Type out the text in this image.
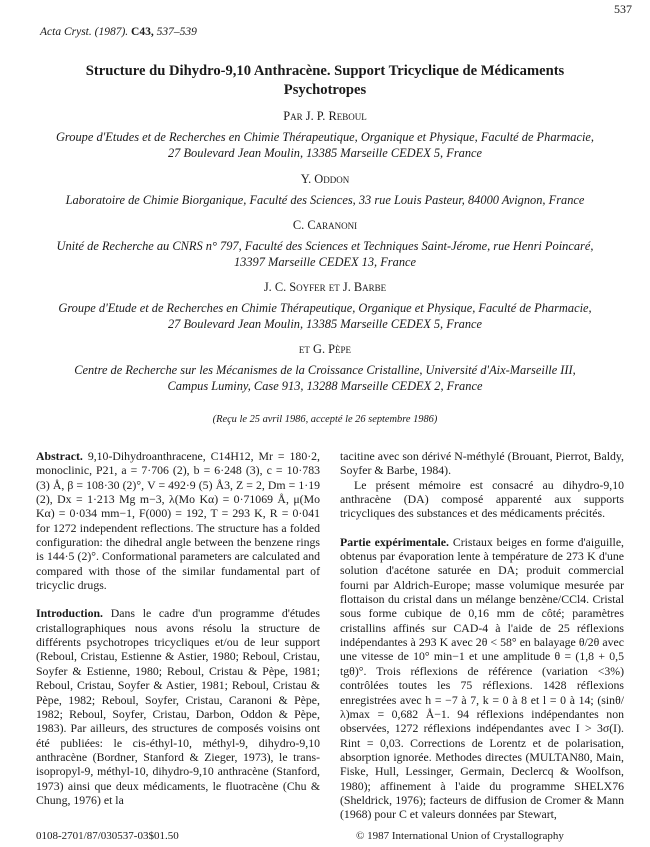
537
Acta Cryst. (1987). C43, 537–539
Structure du Dihydro-9,10 Anthracène. Support Tricyclique de Médicaments
Psychotropes
Par J. P. Reboul
Groupe d'Etudes et de Recherches en Chimie Thérapeutique, Organique et Physique, Faculté de Pharmacie,
27 Boulevard Jean Moulin, 13385 Marseille CEDEX 5, France
Y. Oddon
Laboratoire de Chimie Biorganique, Faculté des Sciences, 33 rue Louis Pasteur, 84000 Avignon, France
C. Caranoni
Unité de Recherche au CNRS n° 797, Faculté des Sciences et Techniques Saint-Jérome, rue Henri Poincaré,
13397 Marseille CEDEX 13, France
J. C. Soyfer et J. Barbe
Groupe d'Etude et de Recherches en Chimie Thérapeutique, Organique et Physique, Faculté de Pharmacie,
27 Boulevard Jean Moulin, 13385 Marseille CEDEX 5, France
et G. Pèpe
Centre de Recherche sur les Mécanismes de la Croissance Cristalline, Université d'Aix-Marseille III,
Campus Luminy, Case 913, 13288 Marseille CEDEX 2, France
(Reçu le 25 avril 1986, accepté le 26 septembre 1986)

Abstract. 9,10-Dihydroanthracene, C14H12, Mr = 180·2, monoclinic, P21, a = 7·706 (2), b = 6·248 (3), c = 10·783 (3) Å, β = 108·30 (2)°, V = 492·9 (5) Å3, Z = 2, Dm = 1·19 (2), Dx = 1·213 Mg m−3, λ(Mo Kα) = 0·71069 Å, μ(Mo Kα) = 0·034 mm−1, F(000) = 192, T = 293 K, R = 0·041 for 1272 independent reflections. The structure has a folded configuration: the dihedral angle between the benzene rings is 144·5 (2)°. Conformational parameters are calculated and compared with those of the similar fundamental part of tricyclic drugs.

Introduction. Dans le cadre d'un programme d'études cristallographiques nous avons résolu la structure de différents psychotropes tricycliques et/ou de leur support (Reboul, Cristau, Estienne & Astier, 1980; Reboul, Cristau, Soyfer & Estienne, 1980; Reboul, Cristau & Pèpe, 1981; Reboul, Cristau, Soyfer & Astier, 1981; Reboul, Cristau & Pèpe, 1982; Reboul, Soyfer, Cristau, Caranoni & Pèpe, 1982; Reboul, Soyfer, Cristau, Darbon, Oddon & Pèpe, 1983). Par ailleurs, des structures de composés voisins ont été publiées: le cis-éthyl-10, méthyl-9, dihydro-9,10 anthracène (Bordner, Stanford & Zieger, 1973), le trans-isopropyl-9, méthyl-10, dihydro-9,10 anthracène (Stanford, 1973) ainsi que deux médicaments, le fluotracène (Chu & Chung, 1976) et la

tacitine avec son dérivé N-méthylé (Brouant, Pierrot, Baldy, Soyfer & Barbe, 1984).

Le présent mémoire est consacré au dihydro-9,10 anthracène (DA) composé apparenté aux supports tricycliques des substances et des médicaments précités.

Partie expérimentale. Cristaux beiges en forme d'aiguille, obtenus par évaporation lente à température de 273 K d'une solution d'acétone saturée en DA; produit commercial fourni par Aldrich-Europe; masse volumique mesurée par flottaison du cristal dans un mélange benzène/CCl4. Cristal sous forme cubique de 0,16 mm de côté; paramètres cristallins affinés sur CAD-4 à l'aide de 25 réflexions indépendantes à 293 K avec 2θ < 58° en balayage θ/2θ avec une vitesse de 10° min−1 et une amplitude θ = (1,8 + 0,5 tgθ)°. Trois réflexions de référence (variation <3%) contrôlées toutes les 75 réflexions. 1428 réflexions enregistrées avec h = −7 à 7, k = 0 à 8 et l = 0 à 14; (sinθ/λ)max = 0,682 Å−1. 94 réflexions indépendantes non observées, 1272 réflexions indépendantes avec I > 3σ(I). Rint = 0,03. Corrections de Lorentz et de polarisation, absorption ignorée. Methodes directes (MULTAN80, Main, Fiske, Hull, Lessinger, Germain, Declercq & Woolfson, 1980); affinement à l'aide du programme SHELX76 (Sheldrick, 1976); facteurs de diffusion de Cromer & Mann (1968) pour C et valeurs données par Stewart,

0108-2701/87/030537-03$01.50	© 1987 International Union of Crystallography
